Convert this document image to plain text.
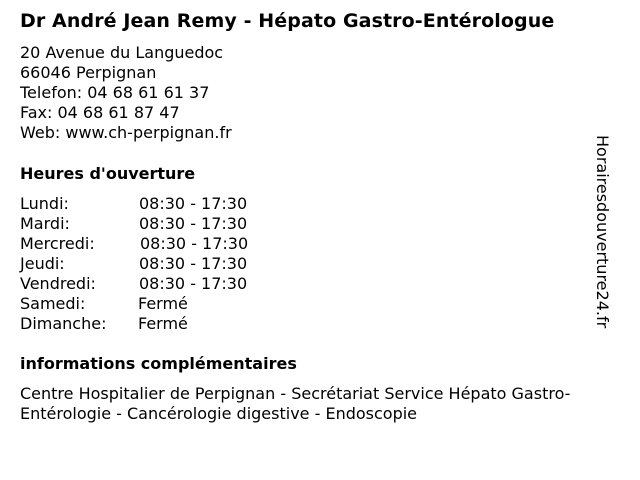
Dr André Jean Remy - Hépato Gastro-Entérologue
20 Avenue du Languedoc
66046 Perpignan
Telefon: 04 68 61 61 37
Fax: 04 68 61 87 47
Web: www.ch-perpignan.fr
Heures d'ouverture
Lundi:	08:30 - 17:30
Mardi:	08:30 - 17:30
Mercredi:	08:30 - 17:30
Jeudi:	08:30 - 17:30
Vendredi:	08:30 - 17:30
Samedi:	Fermé
Dimanche: Fermé
informations complémentaires
Centre Hospitalier de Perpignan - Secrétariat Service Hépato Gastro-Entérologie - Cancérologie digestive - Endoscopie
Horairesdouverture24.fr
